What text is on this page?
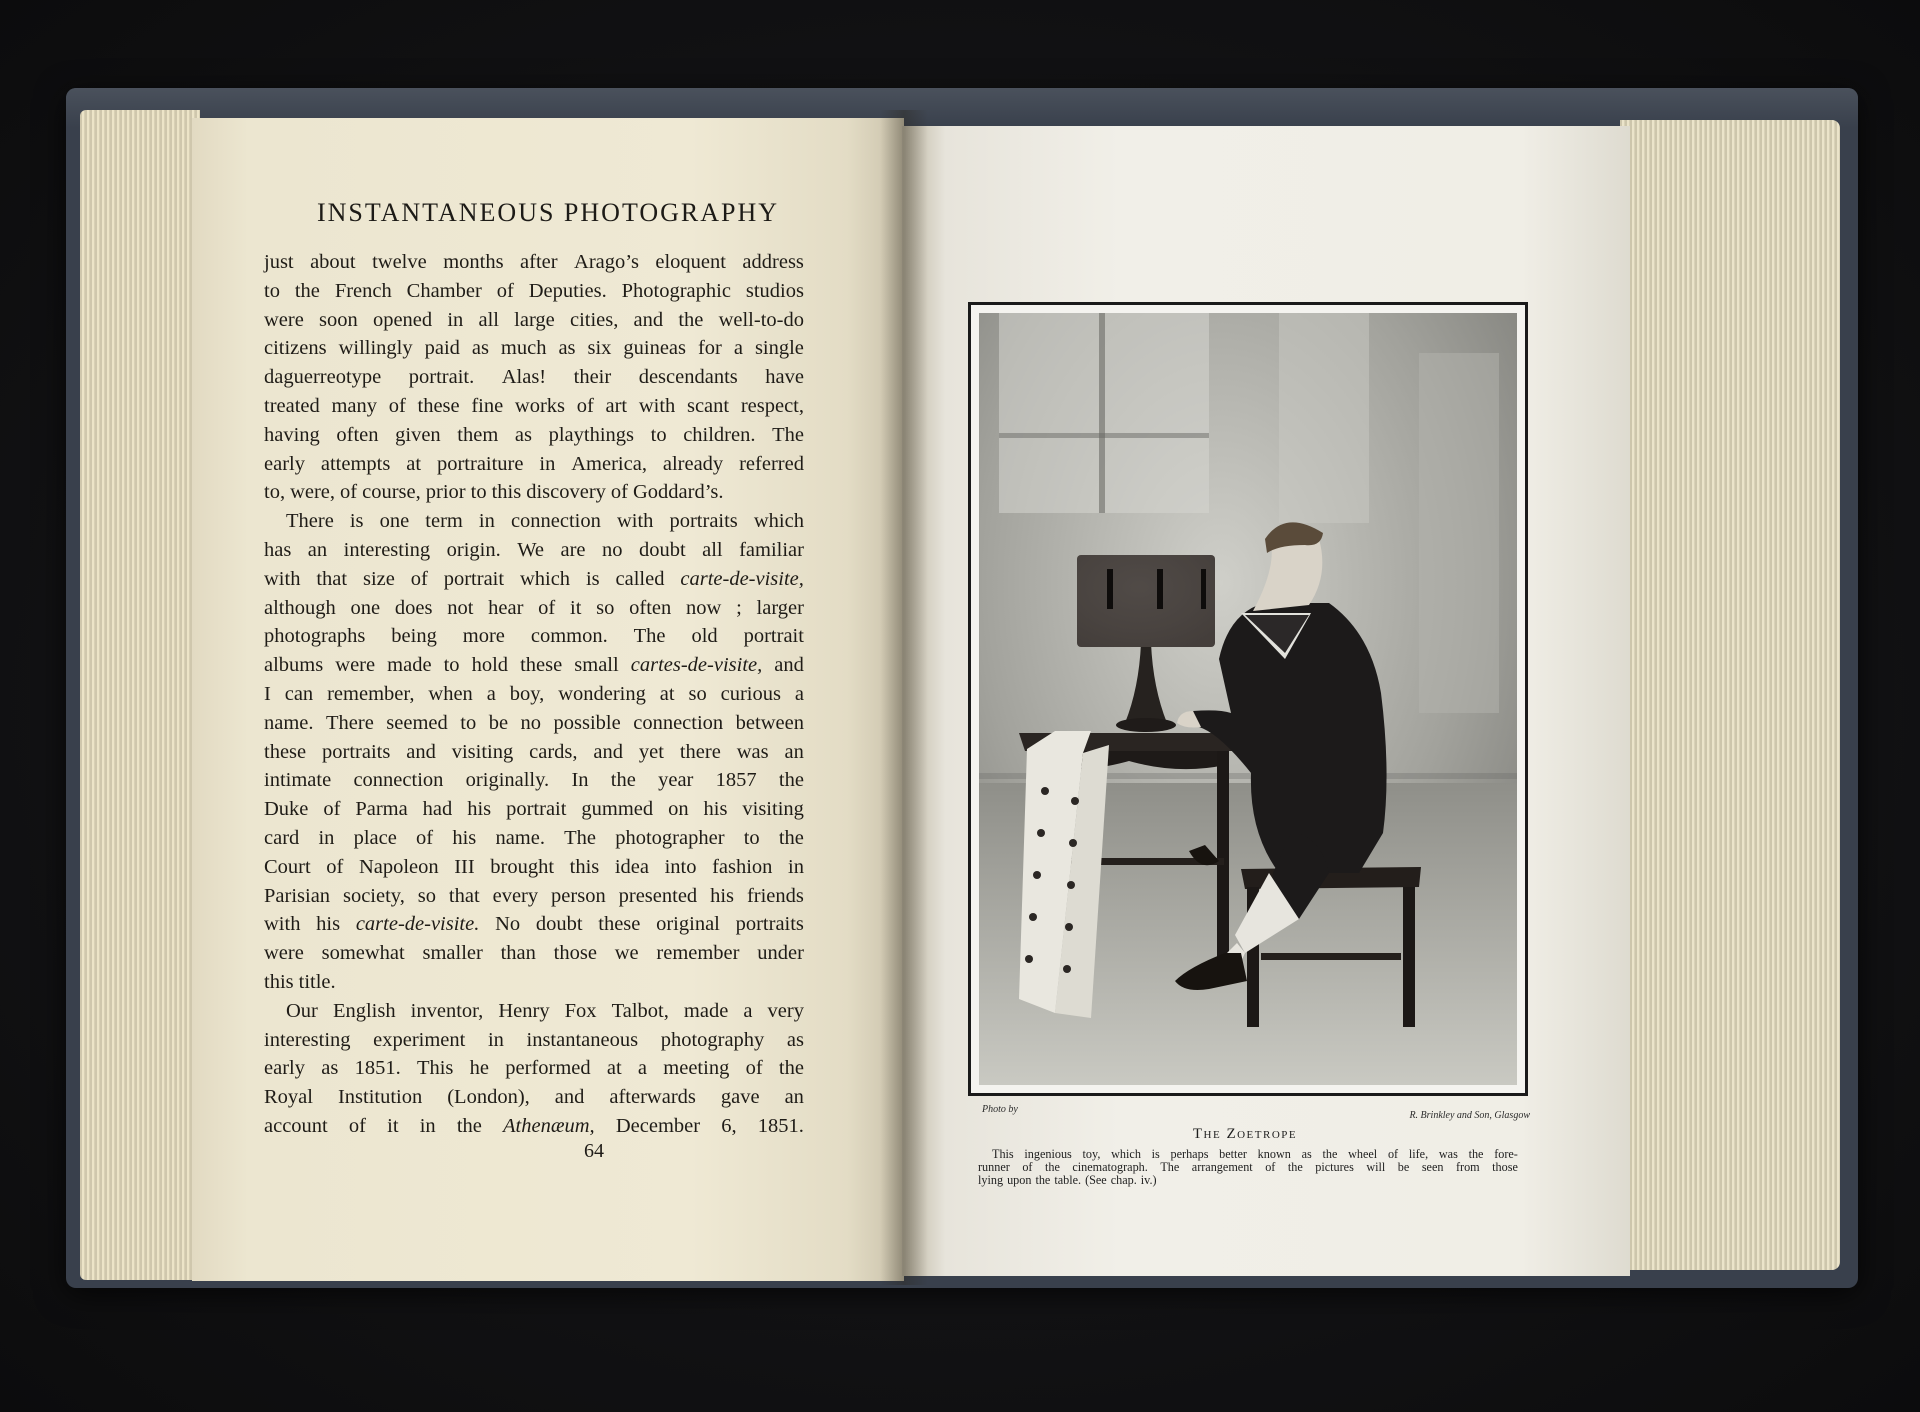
INSTANTANEOUS PHOTOGRAPHY
just about twelve months after Arago’s eloquent address
to the French Chamber of Deputies. Photographic studios
were soon opened in all large cities, and the well-to-do
citizens willingly paid as much as six guineas for a single
daguerreotype portrait. Alas! their descendants have
treated many of these fine works of art with scant respect,
having often given them as playthings to children. The
early attempts at portraiture in America, already referred
to, were, of course, prior to this discovery of Goddard’s.
There is one term in connection with portraits which
has an interesting origin. We are no doubt all familiar
with that size of portrait which is called carte-de-visite,
although one does not hear of it so often now ; larger
photographs being more common. The old portrait
albums were made to hold these small cartes-de-visite, and
I can remember, when a boy, wondering at so curious a
name. There seemed to be no possible connection between
these portraits and visiting cards, and yet there was an
intimate connection originally. In the year 1857 the
Duke of Parma had his portrait gummed on his visiting
card in place of his name. The photographer to the
Court of Napoleon III brought this idea into fashion in
Parisian society, so that every person presented his friends
with his carte-de-visite. No doubt these original portraits
were somewhat smaller than those we remember under
this title.
Our English inventor, Henry Fox Talbot, made a very
interesting experiment in instantaneous photography as
early as 1851. This he performed at a meeting of the
Royal Institution (London), and afterwards gave an
account of it in the Athenæum, December 6, 1851.
64
Photo by
R. Brinkley and Son, Glasgow
The Zoetrope
This ingenious toy, which is perhaps better known as the wheel of life, was the fore-
runner of the cinematograph. The arrangement of the pictures will be seen from those
lying upon the table. (See chap. iv.)
